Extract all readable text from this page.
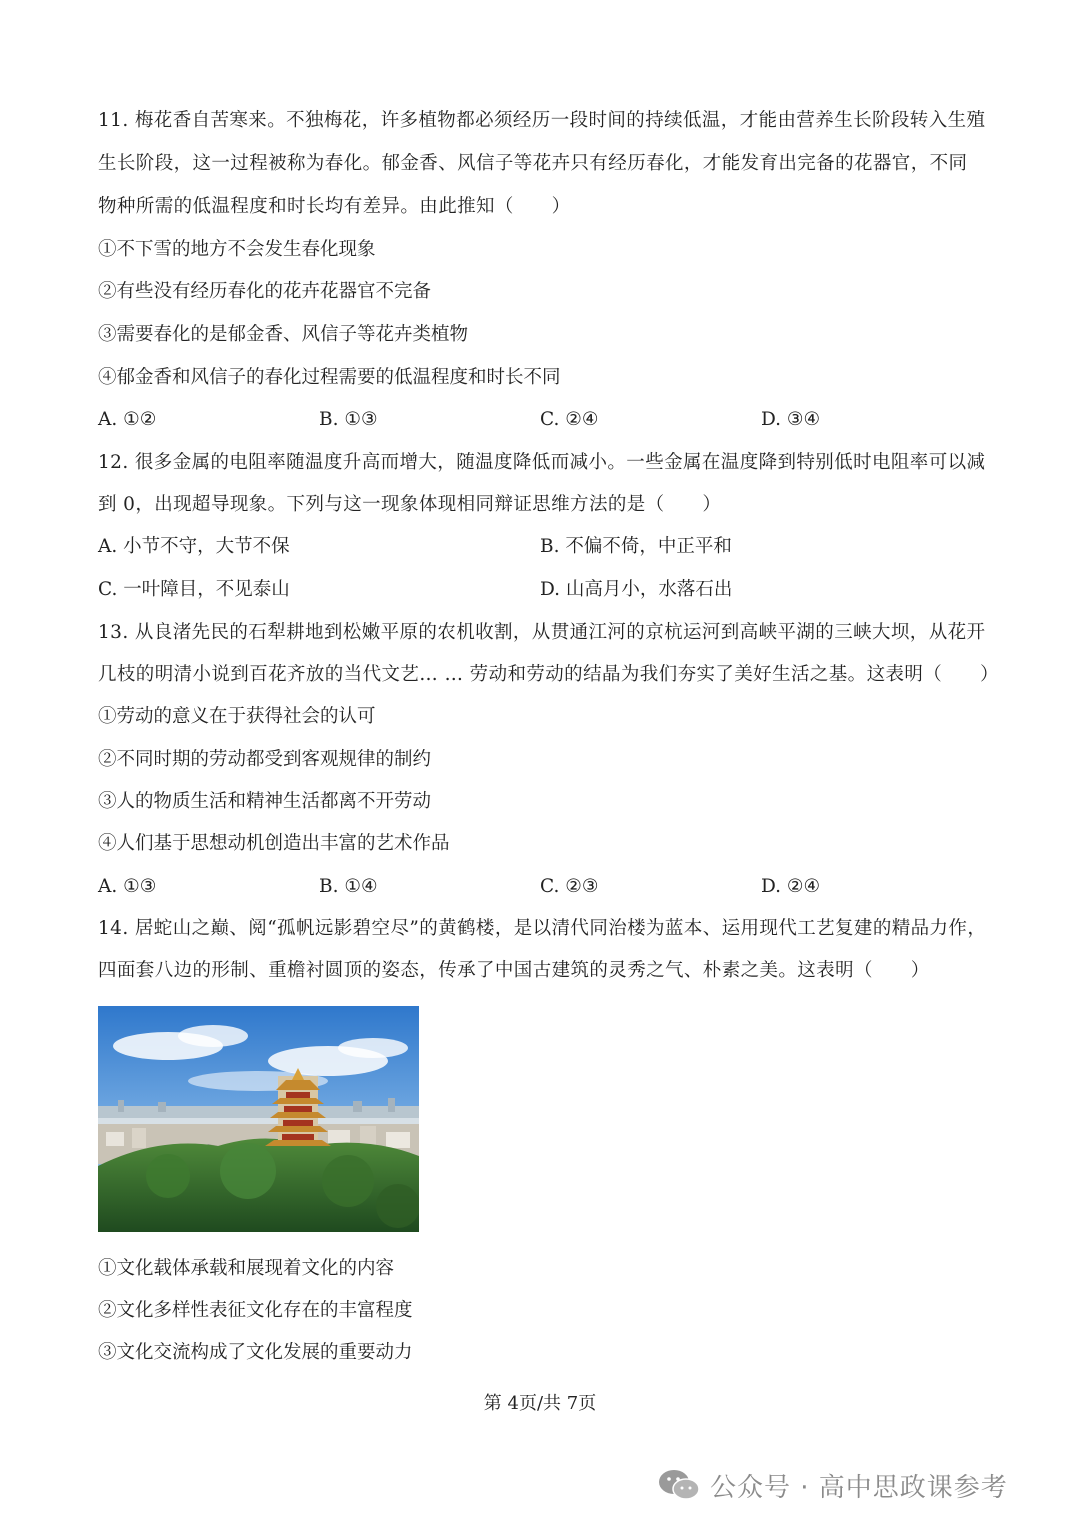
11. 梅花香自苦寒来。不独梅花，许多植物都必须经历一段时间的持续低温，才能由营养生长阶段转入生殖
生长阶段，这一过程被称为春化。郁金香、风信子等花卉只有经历春化，才能发育出完备的花器官，不同
物种所需的低温程度和时长均有差异。由此推知（　　）
①不下雪的地方不会发生春化现象
②有些没有经历春化的花卉花器官不完备
③需要春化的是郁金香、风信子等花卉类植物
④郁金香和风信子的春化过程需要的低温程度和时长不同
A. ①②	B. ①③	C. ②④	D. ③④
12. 很多金属的电阻率随温度升高而增大，随温度降低而减小。一些金属在温度降到特别低时电阻率可以减
到 0，出现超导现象。下列与这一现象体现相同辩证思维方法的是（　　）
A. 小节不守，大节不保	B. 不偏不倚，中正平和
C. 一叶障目，不见泰山	D. 山高月小，水落石出
13. 从良渚先民的石犁耕地到松嫩平原的农机收割，从贯通江河的京杭运河到高峡平湖的三峡大坝，从花开
几枝的明清小说到百花齐放的当代文艺… … 劳动和劳动的结晶为我们夯实了美好生活之基。这表明（　　）
①劳动的意义在于获得社会的认可
②不同时期的劳动都受到客观规律的制约
③人的物质生活和精神生活都离不开劳动
④人们基于思想动机创造出丰富的艺术作品
A. ①③	B. ①④	C. ②③	D. ②④
14. 居蛇山之巅、阅“孤帆远影碧空尽”的黄鹤楼，是以清代同治楼为蓝本、运用现代工艺复建的精品力作，
四面套八边的形制、重檐衬圆顶的姿态，传承了中国古建筑的灵秀之气、朴素之美。这表明（　　）
①文化载体承载和展现着文化的内容
②文化多样性表征文化存在的丰富程度
③文化交流构成了文化发展的重要动力
第 4页/共 7页
公众号 · 高中思政课参考
